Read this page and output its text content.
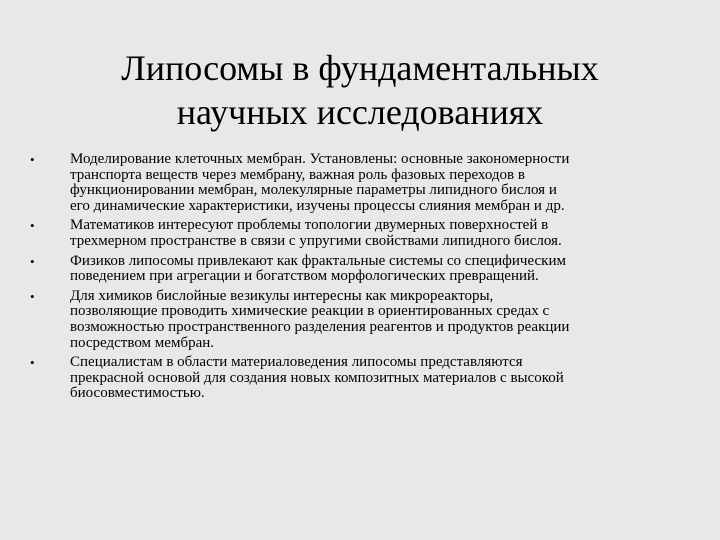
Липосомы в фундаментальных
научных исследованиях
•	Моделирование клеточных мембран. Установлены: основные закономерности
транспорта веществ через мембрану, важная роль фазовых переходов в
функционировании мембран, молекулярные параметры липидного бислоя и
его динамические характеристики, изучены процессы слияния мембран и др.
•	Математиков интересуют проблемы топологии двумерных поверхностей в
трехмерном пространстве в связи с упругими свойствами липидного бислоя.
•	Физиков липосомы привлекают как фрактальные системы со специфическим
поведением при агрегации и богатством морфологических превращений.
•	Для химиков бислойные везикулы интересны как микрореакторы,
позволяющие проводить химические реакции в ориентированных средах с
возможностью пространственного разделения реагентов и продуктов реакции
посредством мембран.
•	Специалистам в области материаловедения липосомы представляются
прекрасной основой для создания новых композитных материалов с высокой
биосовместимостью.
